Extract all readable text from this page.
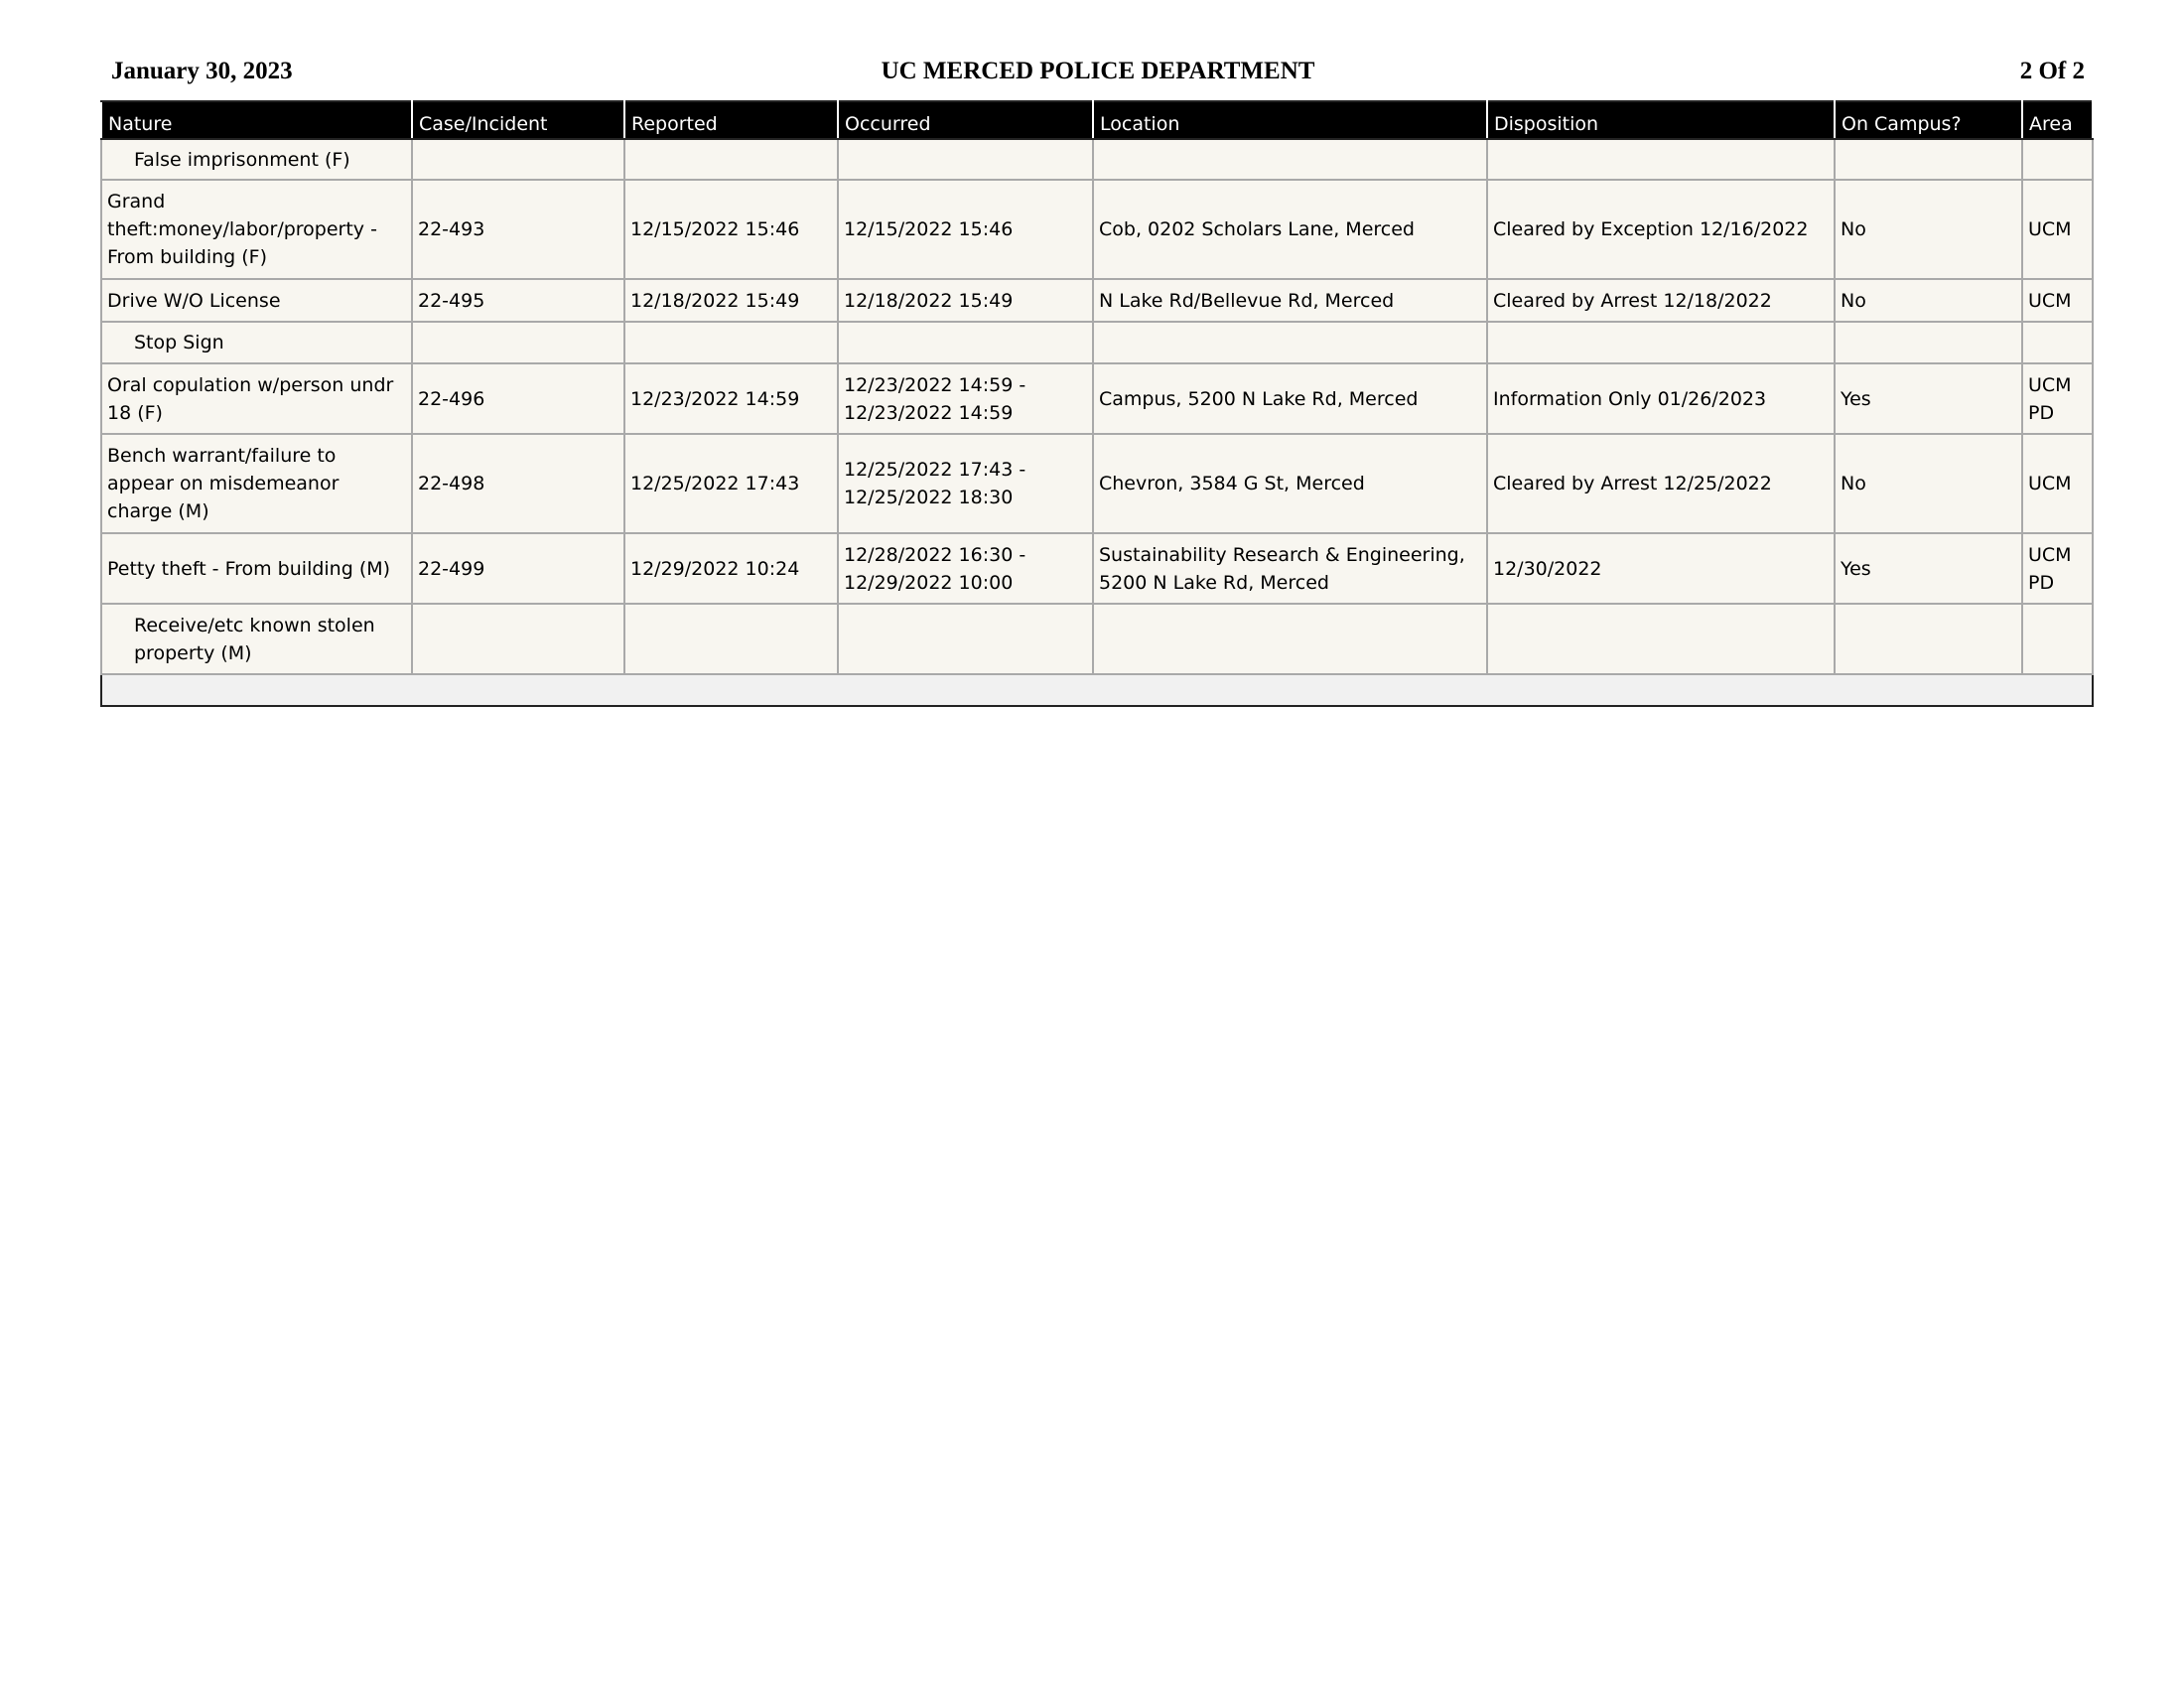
January 30, 2023	UC MERCED POLICE DEPARTMENT	2 Of 2
Nature	Case/Incident	Reported	Occurred	Location	Disposition	On Campus?	Area
False imprisonment (F)							
Grand theft:money/labor/property - From building (F)	22-493	12/15/2022 15:46	12/15/2022 15:46	Cob, 0202 Scholars Lane, Merced	Cleared by Exception 12/16/2022	No	UCM
Drive W/O License	22-495	12/18/2022 15:49	12/18/2022 15:49	N Lake Rd/Bellevue Rd, Merced	Cleared by Arrest 12/18/2022	No	UCM
Stop Sign							
Oral copulation w/person undr 18 (F)	22-496	12/23/2022 14:59	12/23/2022 14:59 - 12/23/2022 14:59	Campus, 5200 N Lake Rd, Merced	Information Only 01/26/2023	Yes	UCM PD
Bench warrant/failure to appear on misdemeanor charge (M)	22-498	12/25/2022 17:43	12/25/2022 17:43 - 12/25/2022 18:30	Chevron, 3584 G St, Merced	Cleared by Arrest 12/25/2022	No	UCM
Petty theft - From building (M)	22-499	12/29/2022 10:24	12/28/2022 16:30 - 12/29/2022 10:00	Sustainability Research & Engineering, 5200 N Lake Rd, Merced	12/30/2022	Yes	UCM PD
Receive/etc known stolen property (M)							
